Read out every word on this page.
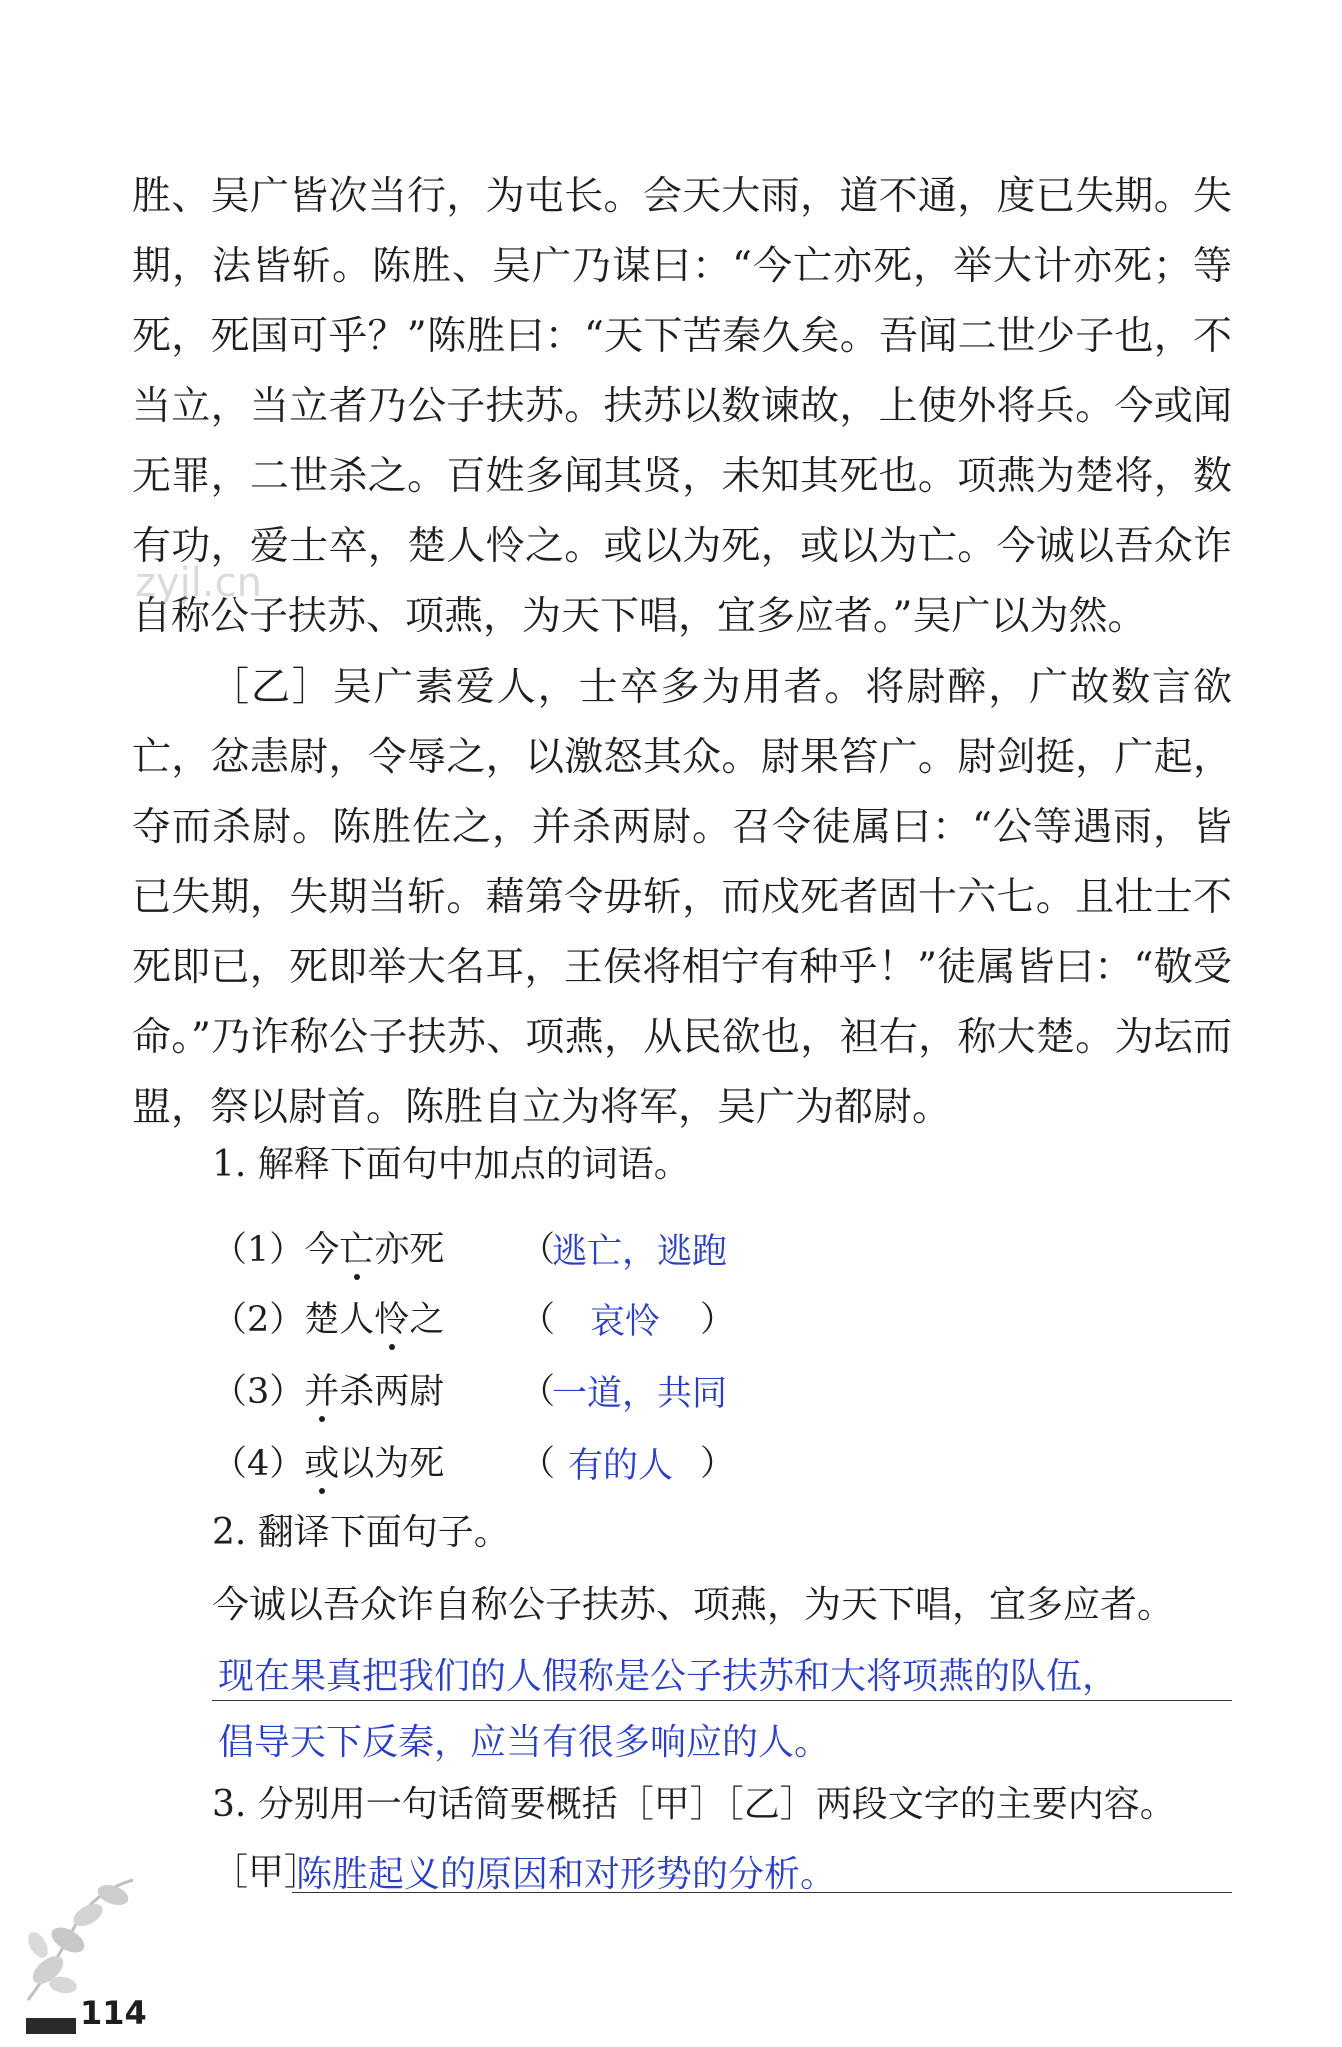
胜、吴广皆次当行，为屯长。会天大雨，道不通，度已失期。失期，法皆斩。陈胜、吴广乃谋曰：“今亡亦死，举大计亦死；等死，死国可乎？”陈胜曰：“天下苦秦久矣。吾闻二世少子也，不当立，当立者乃公子扶苏。扶苏以数谏故，上使外将兵。今或闻无罪，二世杀之。百姓多闻其贤，未知其死也。项燕为楚将，数有功，爱士卒，楚人怜之。或以为死，或以为亡。今诚以吾众诈自称公子扶苏、项燕，为天下唱，宜多应者。”吴广以为然。

［乙］吴广素爱人，士卒多为用者。将尉醉，广故数言欲亡，忿恚尉，令辱之，以激怒其众。尉果笞广。尉剑挺，广起，夺而杀尉。陈胜佐之，并杀两尉。召令徒属曰：“公等遇雨，皆已失期，失期当斩。藉第令毋斩，而戍死者固十六七。且壮士不死即已，死即举大名耳，王侯将相宁有种乎！”徒属皆曰：“敬受命。”乃诈称公子扶苏、项燕，从民欲也，袒右，称大楚。为坛而盟，祭以尉首。陈胜自立为将军，吴广为都尉。

zyjl.cn
1. 解释下面句中加点的词语。
（1）今亡亦死 （
逃亡，逃跑
（2）楚人怜之 （ 哀怜 ）
（3）并杀两尉 （
一道，共同
（4）或以为死 （ 有的人 ）
2. 翻译下面句子。
今诚以吾众诈自称公子扶苏、项燕，为天下唱，宜多应者。
现在果真把我们的人假称是公子扶苏和大将项燕的队伍，
倡导天下反秦，应当有很多响应的人。
3. 分别用一句话简要概括［甲］［乙］两段文字的主要内容。
［甲］
陈胜起义的原因和对形势的分析。
114
